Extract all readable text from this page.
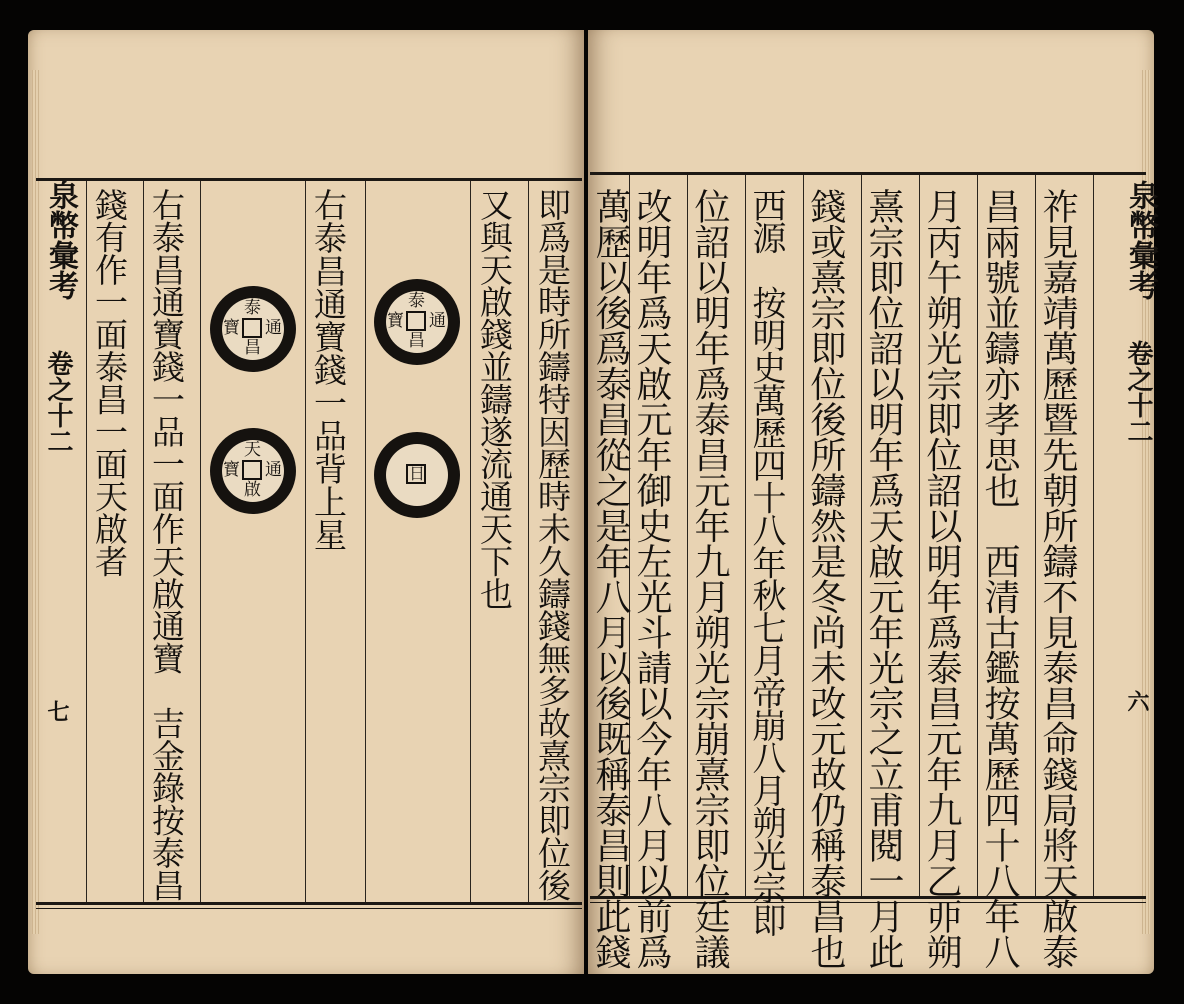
祚見嘉靖萬歷暨先朝所鑄不見泰昌命錢局將天啟泰
昌兩號並鑄亦孝思也　西清古鑑按萬歷四十八年八
月丙午朔光宗即位詔以明年爲泰昌元年九月乙丣朔
熹宗即位詔以明年爲天啟元年光宗之立甫閱一月此
錢或熹宗即位後所鑄然是冬尚未改元故仍稱泰昌也
西源　按明史萬歷四十八年秋七月帝崩八月朔光宗即
位詔以明年爲泰昌元年九月朔光宗崩熹宗即位廷議
改明年爲天啟元年御史左光斗請以今年八月以前爲
萬歷以後爲泰昌從之是年八月以後既稱泰昌則此錢	泉幣彙考
卷之十二
六
即爲是時所鑄特因歷時未久鑄錢無多故熹宗即位後
又與天啟錢並鑄遂流通天下也
右泰昌通寶錢一品背上星
右泰昌通寶錢一品一面作天啟通寶　吉金錄按泰昌
錢有作一面泰昌一面天啟者
泉幣彙考
卷之十二
七
泰
通
昌
寶
日
泰
通
昌
寶
天
通
啟
寶
